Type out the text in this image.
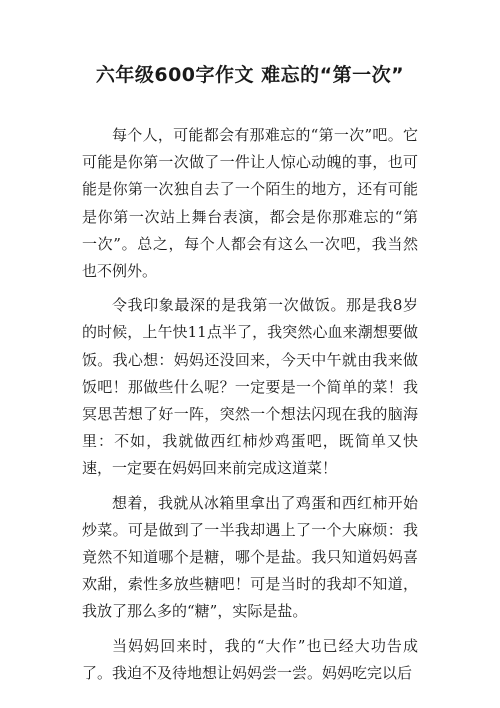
六年级600字作文 难忘的“第一次”

每个人，可能都会有那难忘的“第一次”吧。它可能是你第一次做了一件让人惊心动魄的事，也可能是你第一次独自去了一个陌生的地方，还有可能是你第一次站上舞台表演，都会是你那难忘的“第一次”。总之，每个人都会有这么一次吧，我当然也不例外。

令我印象最深的是我第一次做饭。那是我8岁的时候，上午快11点半了，我突然心血来潮想要做饭。我心想：妈妈还没回来，今天中午就由我来做饭吧！那做些什么呢？一定要是一个简单的菜！我冥思苦想了好一阵，突然一个想法闪现在我的脑海里：不如，我就做西红柿炒鸡蛋吧，既简单又快速，一定要在妈妈回来前完成这道菜！

想着，我就从冰箱里拿出了鸡蛋和西红柿开始炒菜。可是做到了一半我却遇上了一个大麻烦：我竟然不知道哪个是糖，哪个是盐。我只知道妈妈喜欢甜，索性多放些糖吧！可是当时的我却不知道，我放了那么多的“糖”，实际是盐。

当妈妈回来时，我的“大作”也已经大功告成了。我迫不及待地想让妈妈尝一尝。妈妈吃完以后
